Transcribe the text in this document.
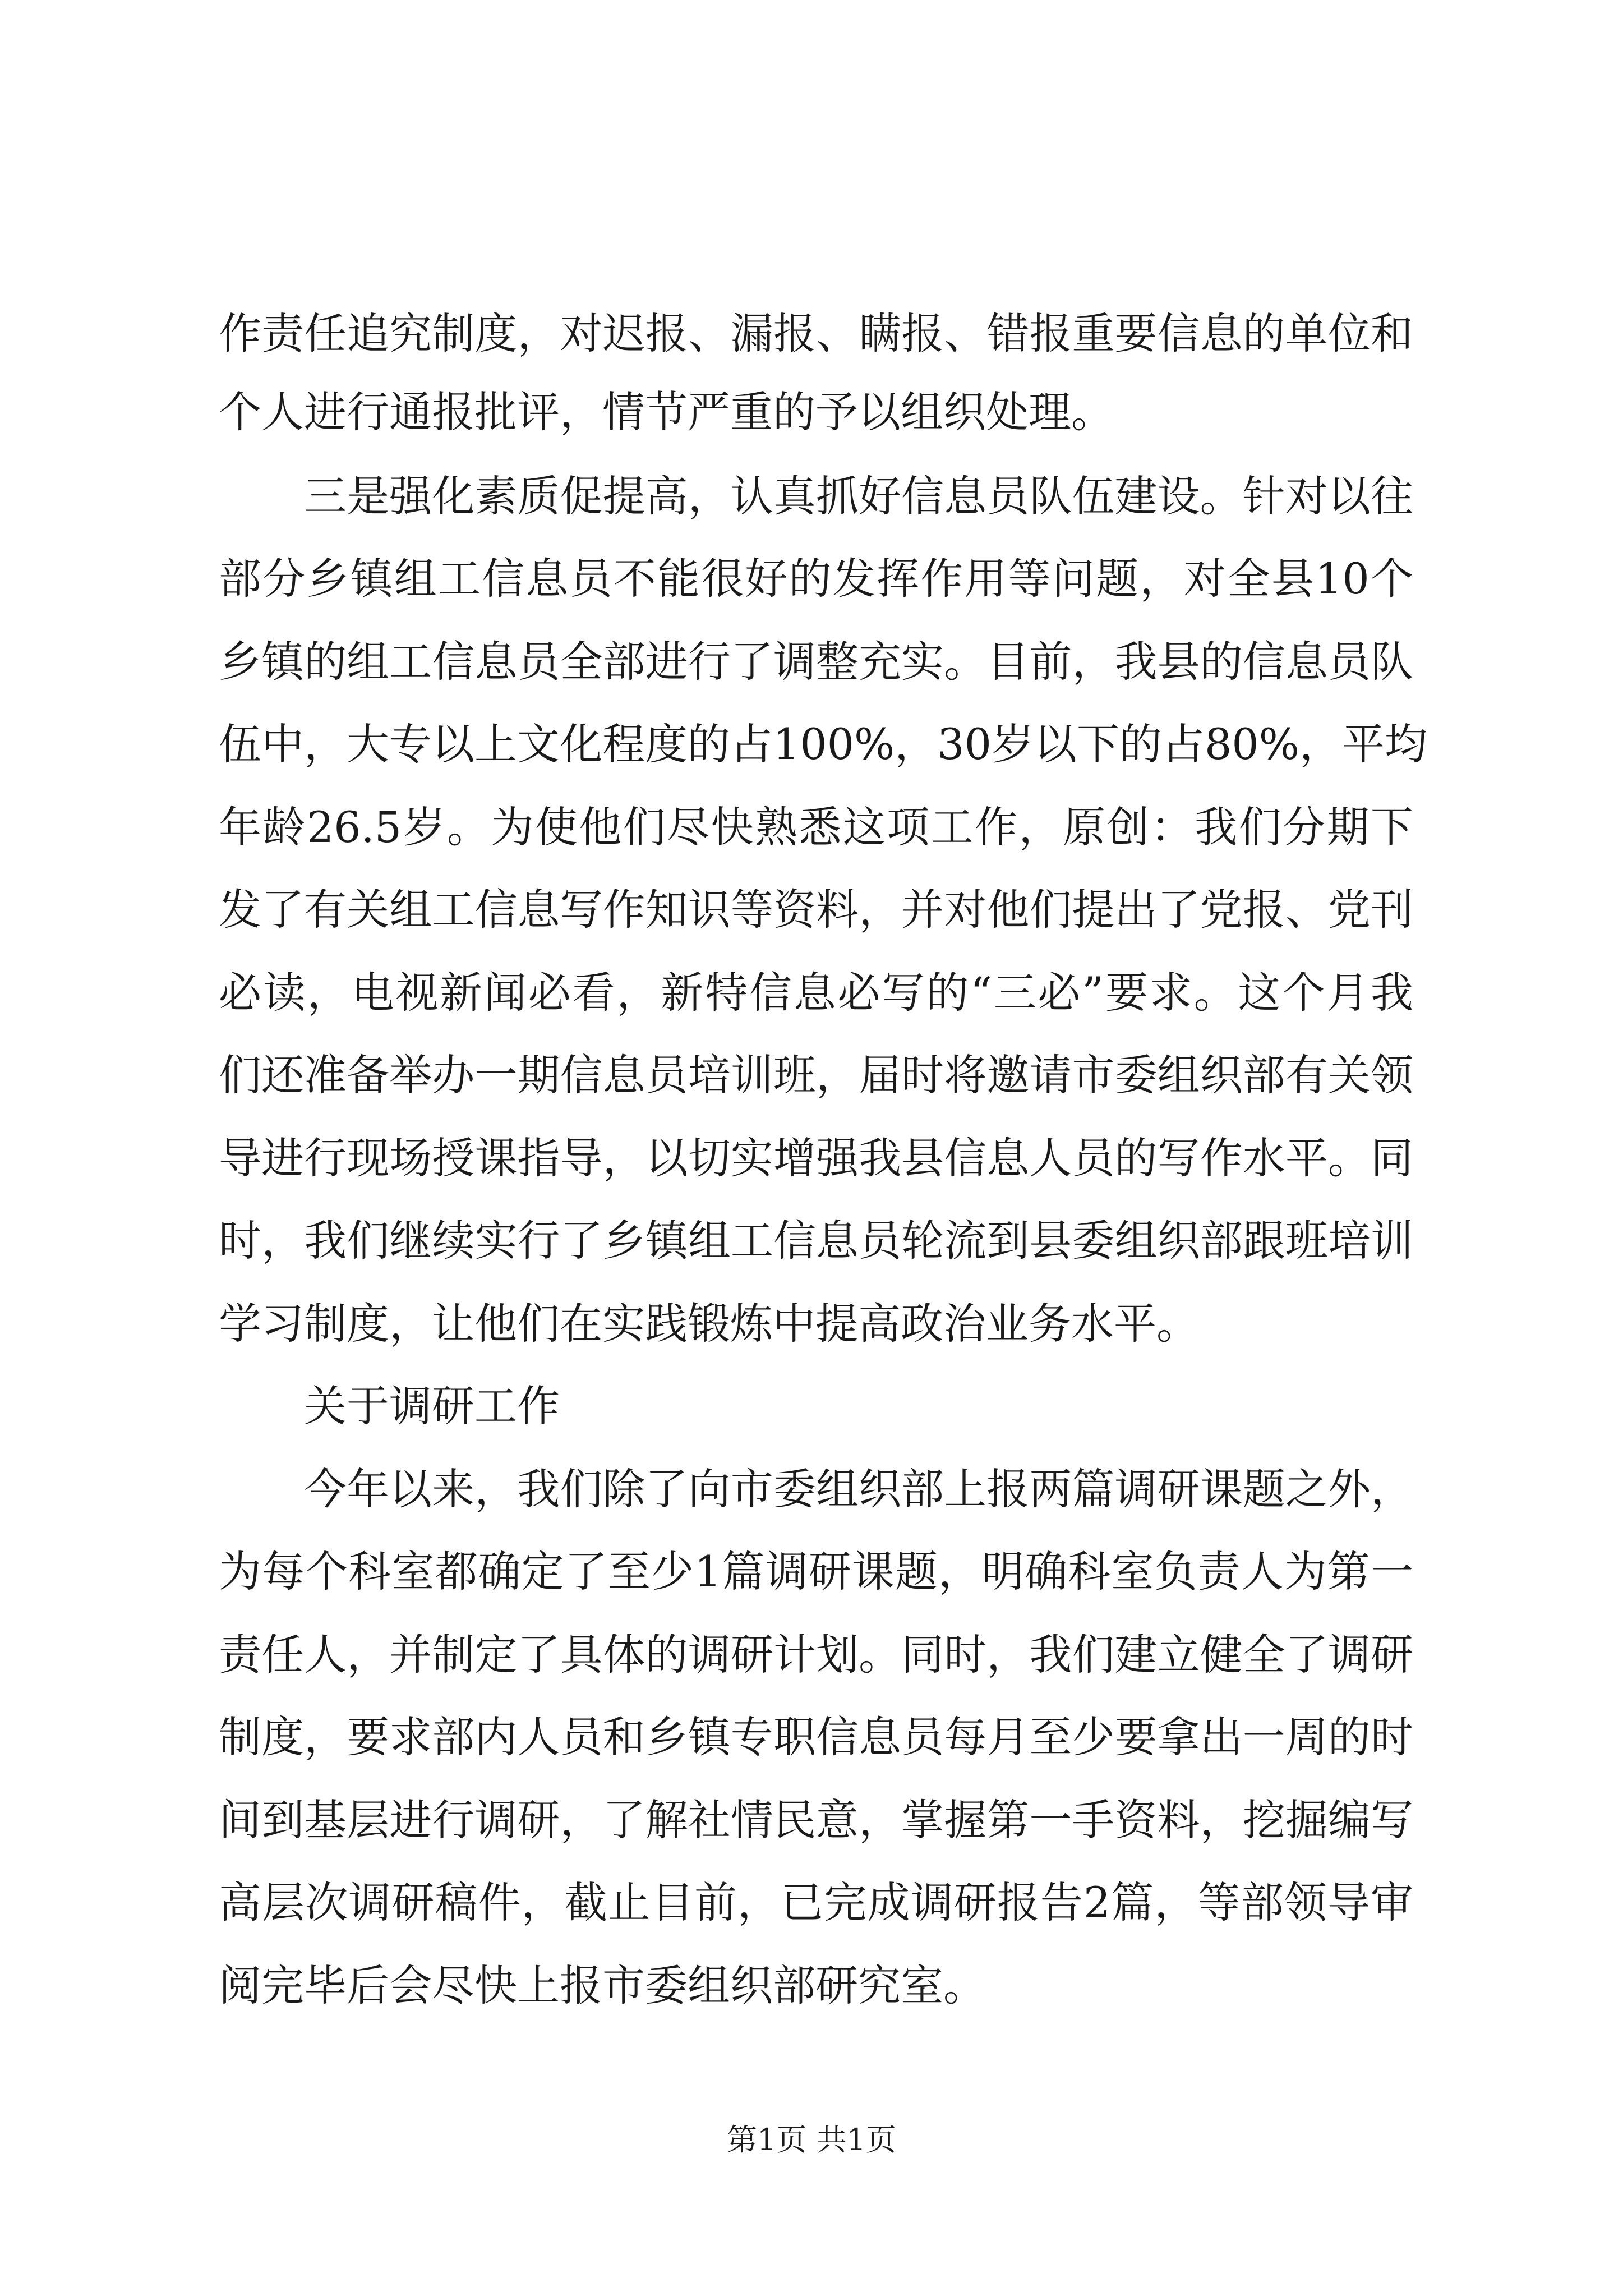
作责任追究制度，对迟报、漏报、瞒报、错报重要信息的单位和
个人进行通报批评，情节严重的予以组织处理。
三是强化素质促提高，认真抓好信息员队伍建设。针对以往
部分乡镇组工信息员不能很好的发挥作用等问题，对全县10个
乡镇的组工信息员全部进行了调整充实。目前，我县的信息员队
伍中，大专以上文化程度的占100%，30岁以下的占80%，平均
年龄26.5岁。为使他们尽快熟悉这项工作，原创：我们分期下
发了有关组工信息写作知识等资料，并对他们提出了党报、党刊
必读，电视新闻必看，新特信息必写的“三必”要求。这个月我
们还准备举办一期信息员培训班，届时将邀请市委组织部有关领
导进行现场授课指导，以切实增强我县信息人员的写作水平。同
时，我们继续实行了乡镇组工信息员轮流到县委组织部跟班培训
学习制度，让他们在实践锻炼中提高政治业务水平。
关于调研工作
今年以来，我们除了向市委组织部上报两篇调研课题之外，
为每个科室都确定了至少1篇调研课题，明确科室负责人为第一
责任人，并制定了具体的调研计划。同时，我们建立健全了调研
制度，要求部内人员和乡镇专职信息员每月至少要拿出一周的时
间到基层进行调研，了解社情民意，掌握第一手资料，挖掘编写
高层次调研稿件，截止目前，已完成调研报告2篇，等部领导审
阅完毕后会尽快上报市委组织部研究室。
第1页 共1页
